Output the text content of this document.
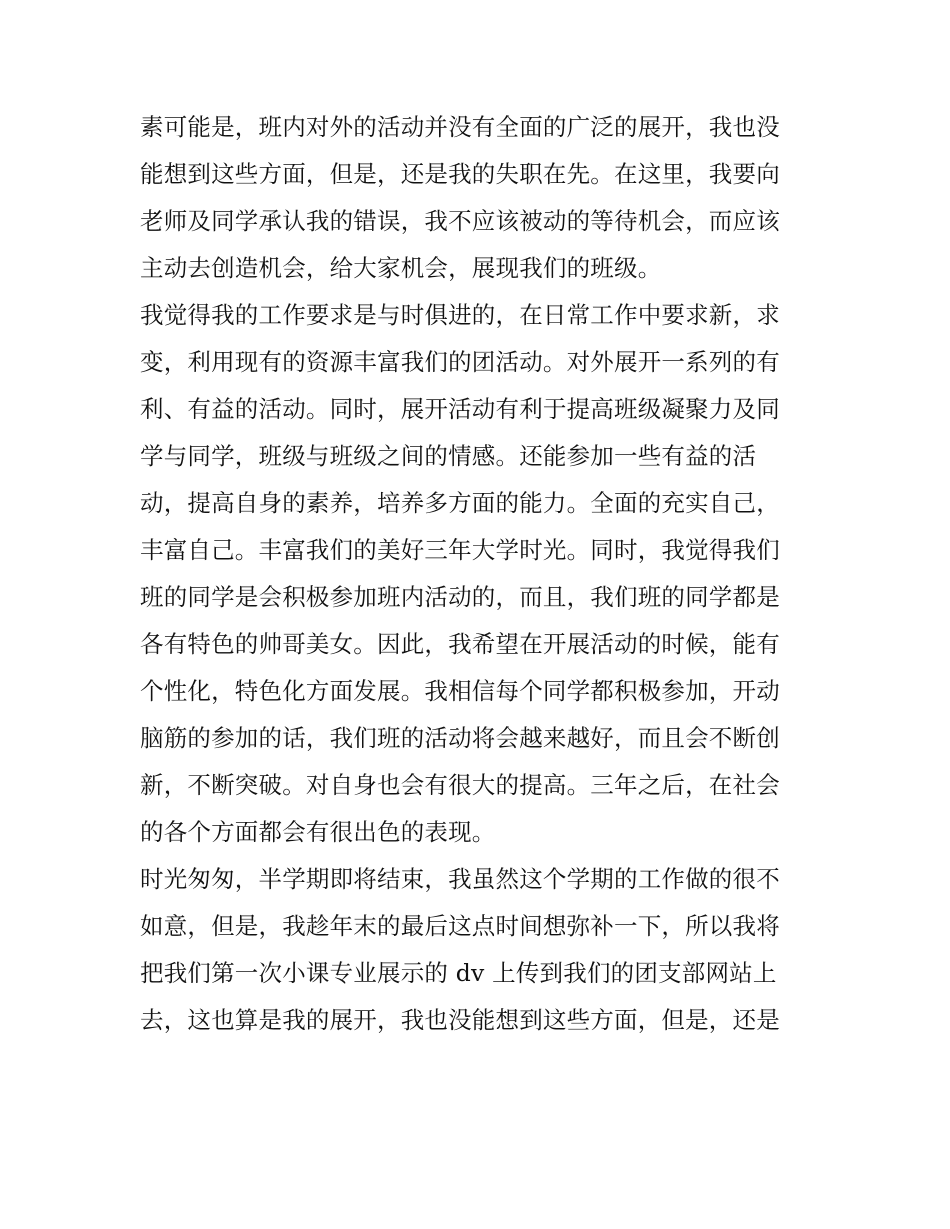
素可能是，班内对外的活动并没有全面的广泛的展开，我也没
能想到这些方面，但是，还是我的失职在先。在这里，我要向
老师及同学承认我的错误，我不应该被动的等待机会，而应该
主动去创造机会，给大家机会，展现我们的班级。
我觉得我的工作要求是与时俱进的，在日常工作中要求新，求
变，利用现有的资源丰富我们的团活动。对外展开一系列的有
利、有益的活动。同时，展开活动有利于提高班级凝聚力及同
学与同学，班级与班级之间的情感。还能参加一些有益的活
动，提高自身的素养，培养多方面的能力。全面的充实自己，
丰富自己。丰富我们的美好三年大学时光。同时，我觉得我们
班的同学是会积极参加班内活动的，而且，我们班的同学都是
各有特色的帅哥美女。因此，我希望在开展活动的时候，能有
个性化，特色化方面发展。我相信每个同学都积极参加，开动
脑筋的参加的话，我们班的活动将会越来越好，而且会不断创
新，不断突破。对自身也会有很大的提高。三年之后，在社会
的各个方面都会有很出色的表现。
时光匆匆，半学期即将结束，我虽然这个学期的工作做的很不
如意，但是，我趁年末的最后这点时间想弥补一下，所以我将
把我们第一次小课专业展示的 dv 上传到我们的团支部网站上
去，这也算是我的展开，我也没能想到这些方面，但是，还是
